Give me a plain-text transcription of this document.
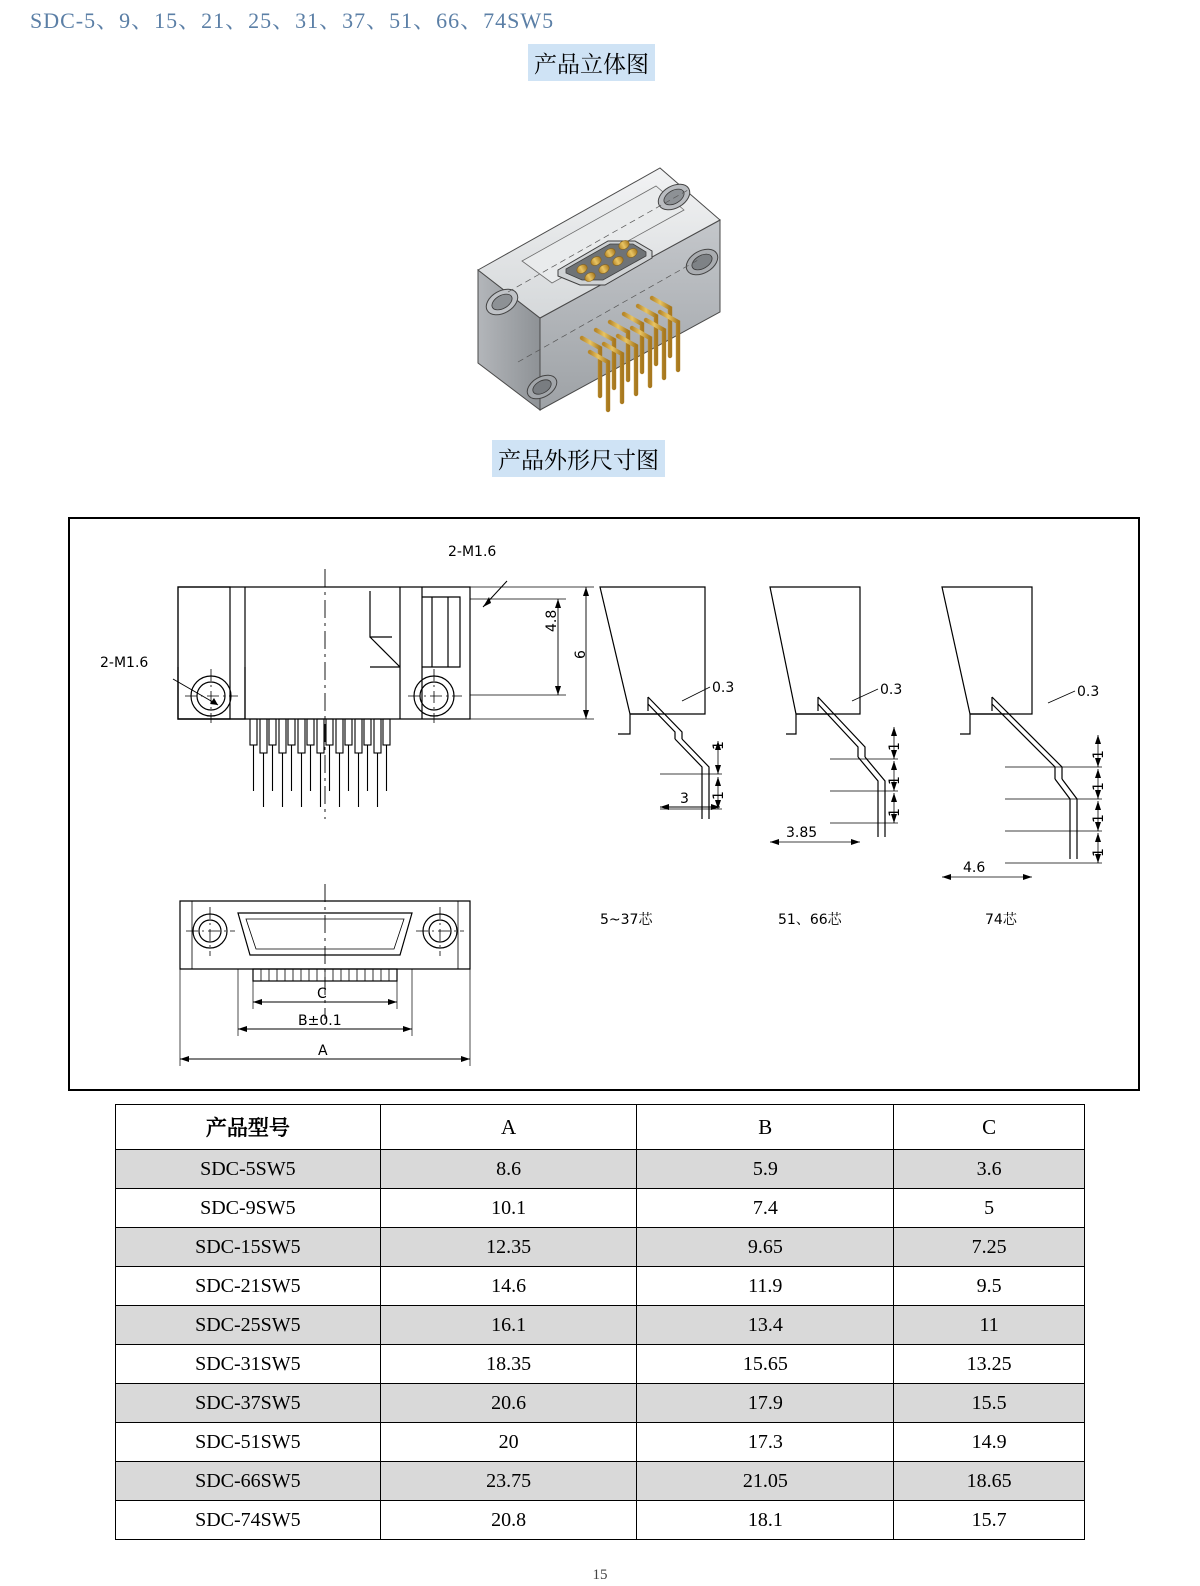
SDC-5、9、15、21、25、31、37、51、66、74SW5
产品立体图
产品外形尺寸图
2-M1.6
2-M1.6
4.8
6
3
0.3	0.3	0.3
1
1
1
1
1
1
1
1
1
3.85
4.6
C
B±0.1
A
5~37芯	51、66芯	74芯
产品型号	A	B	C
SDC-5SW5	8.6	5.9	3.6
SDC-9SW5	10.1	7.4	5
SDC-15SW5	12.35	9.65	7.25
SDC-21SW5	14.6	11.9	9.5
SDC-25SW5	16.1	13.4	11
SDC-31SW5	18.35	15.65	13.25
SDC-37SW5	20.6	17.9	15.5
SDC-51SW5	20	17.3	14.9
SDC-66SW5	23.75	21.05	18.65
SDC-74SW5	20.8	18.1	15.7
15
